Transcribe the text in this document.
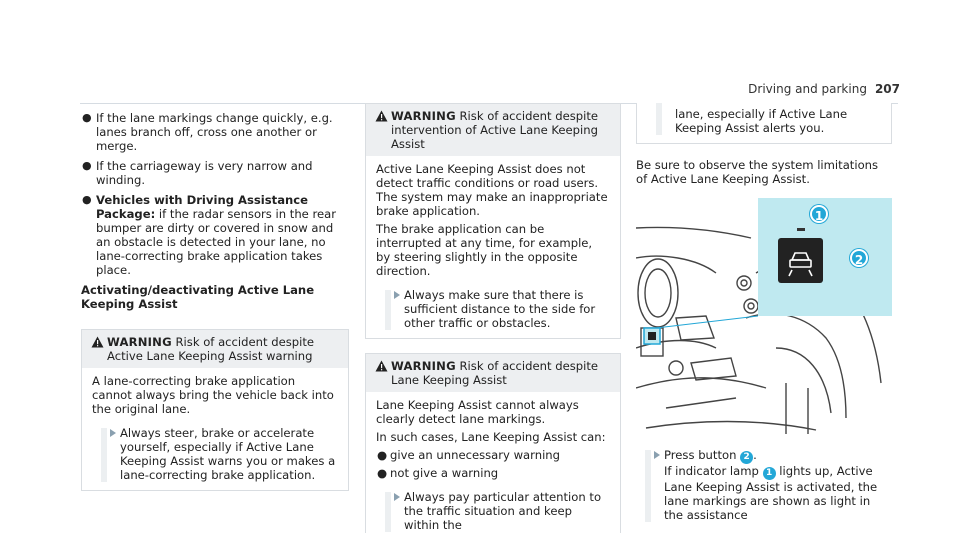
Driving and parking 207
● If the lane markings change quickly, e.g. lanes branch off, cross one another or merge.
● If the carriageway is very narrow and winding.
● Vehicles with Driving Assistance Package: if the radar sensors in the rear bumper are dirty or covered in snow and an obstacle is detected in your lane, no lane-correcting brake application takes place.
Activating/deactivating Active Lane Keeping Assist
WARNING Risk of accident despite Active Lane Keeping Assist warning

A lane-correcting brake application cannot always bring the vehicle back into the original lane.

Always steer, brake or accelerate yourself, especially if Active Lane Keeping Assist warns you or makes a lane-correcting brake application.
WARNING Risk of accident despite intervention of Active Lane Keeping Assist

Active Lane Keeping Assist does not detect traffic conditions or road users. The system may make an inappropriate brake application.

The brake application can be interrupted at any time, for example, by steering slightly in the opposite direction.

Always make sure that there is sufficient distance to the side for other traffic or obstacles.
WARNING Risk of accident despite Lane Keeping Assist

Lane Keeping Assist cannot always clearly detect lane markings.

In such cases, Lane Keeping Assist can:

● give an unnecessary warning
● not give a warning
Always pay particular attention to the traffic situation and keep within the
lane, especially if Active Lane Keeping Assist alerts you.

Be sure to observe the system limitations of Active Lane Keeping Assist.

1
2
Press button 2 .
If indicator lamp 1 lights up, Active Lane Keeping Assist is activated, the lane markings are shown as light in the assistance
